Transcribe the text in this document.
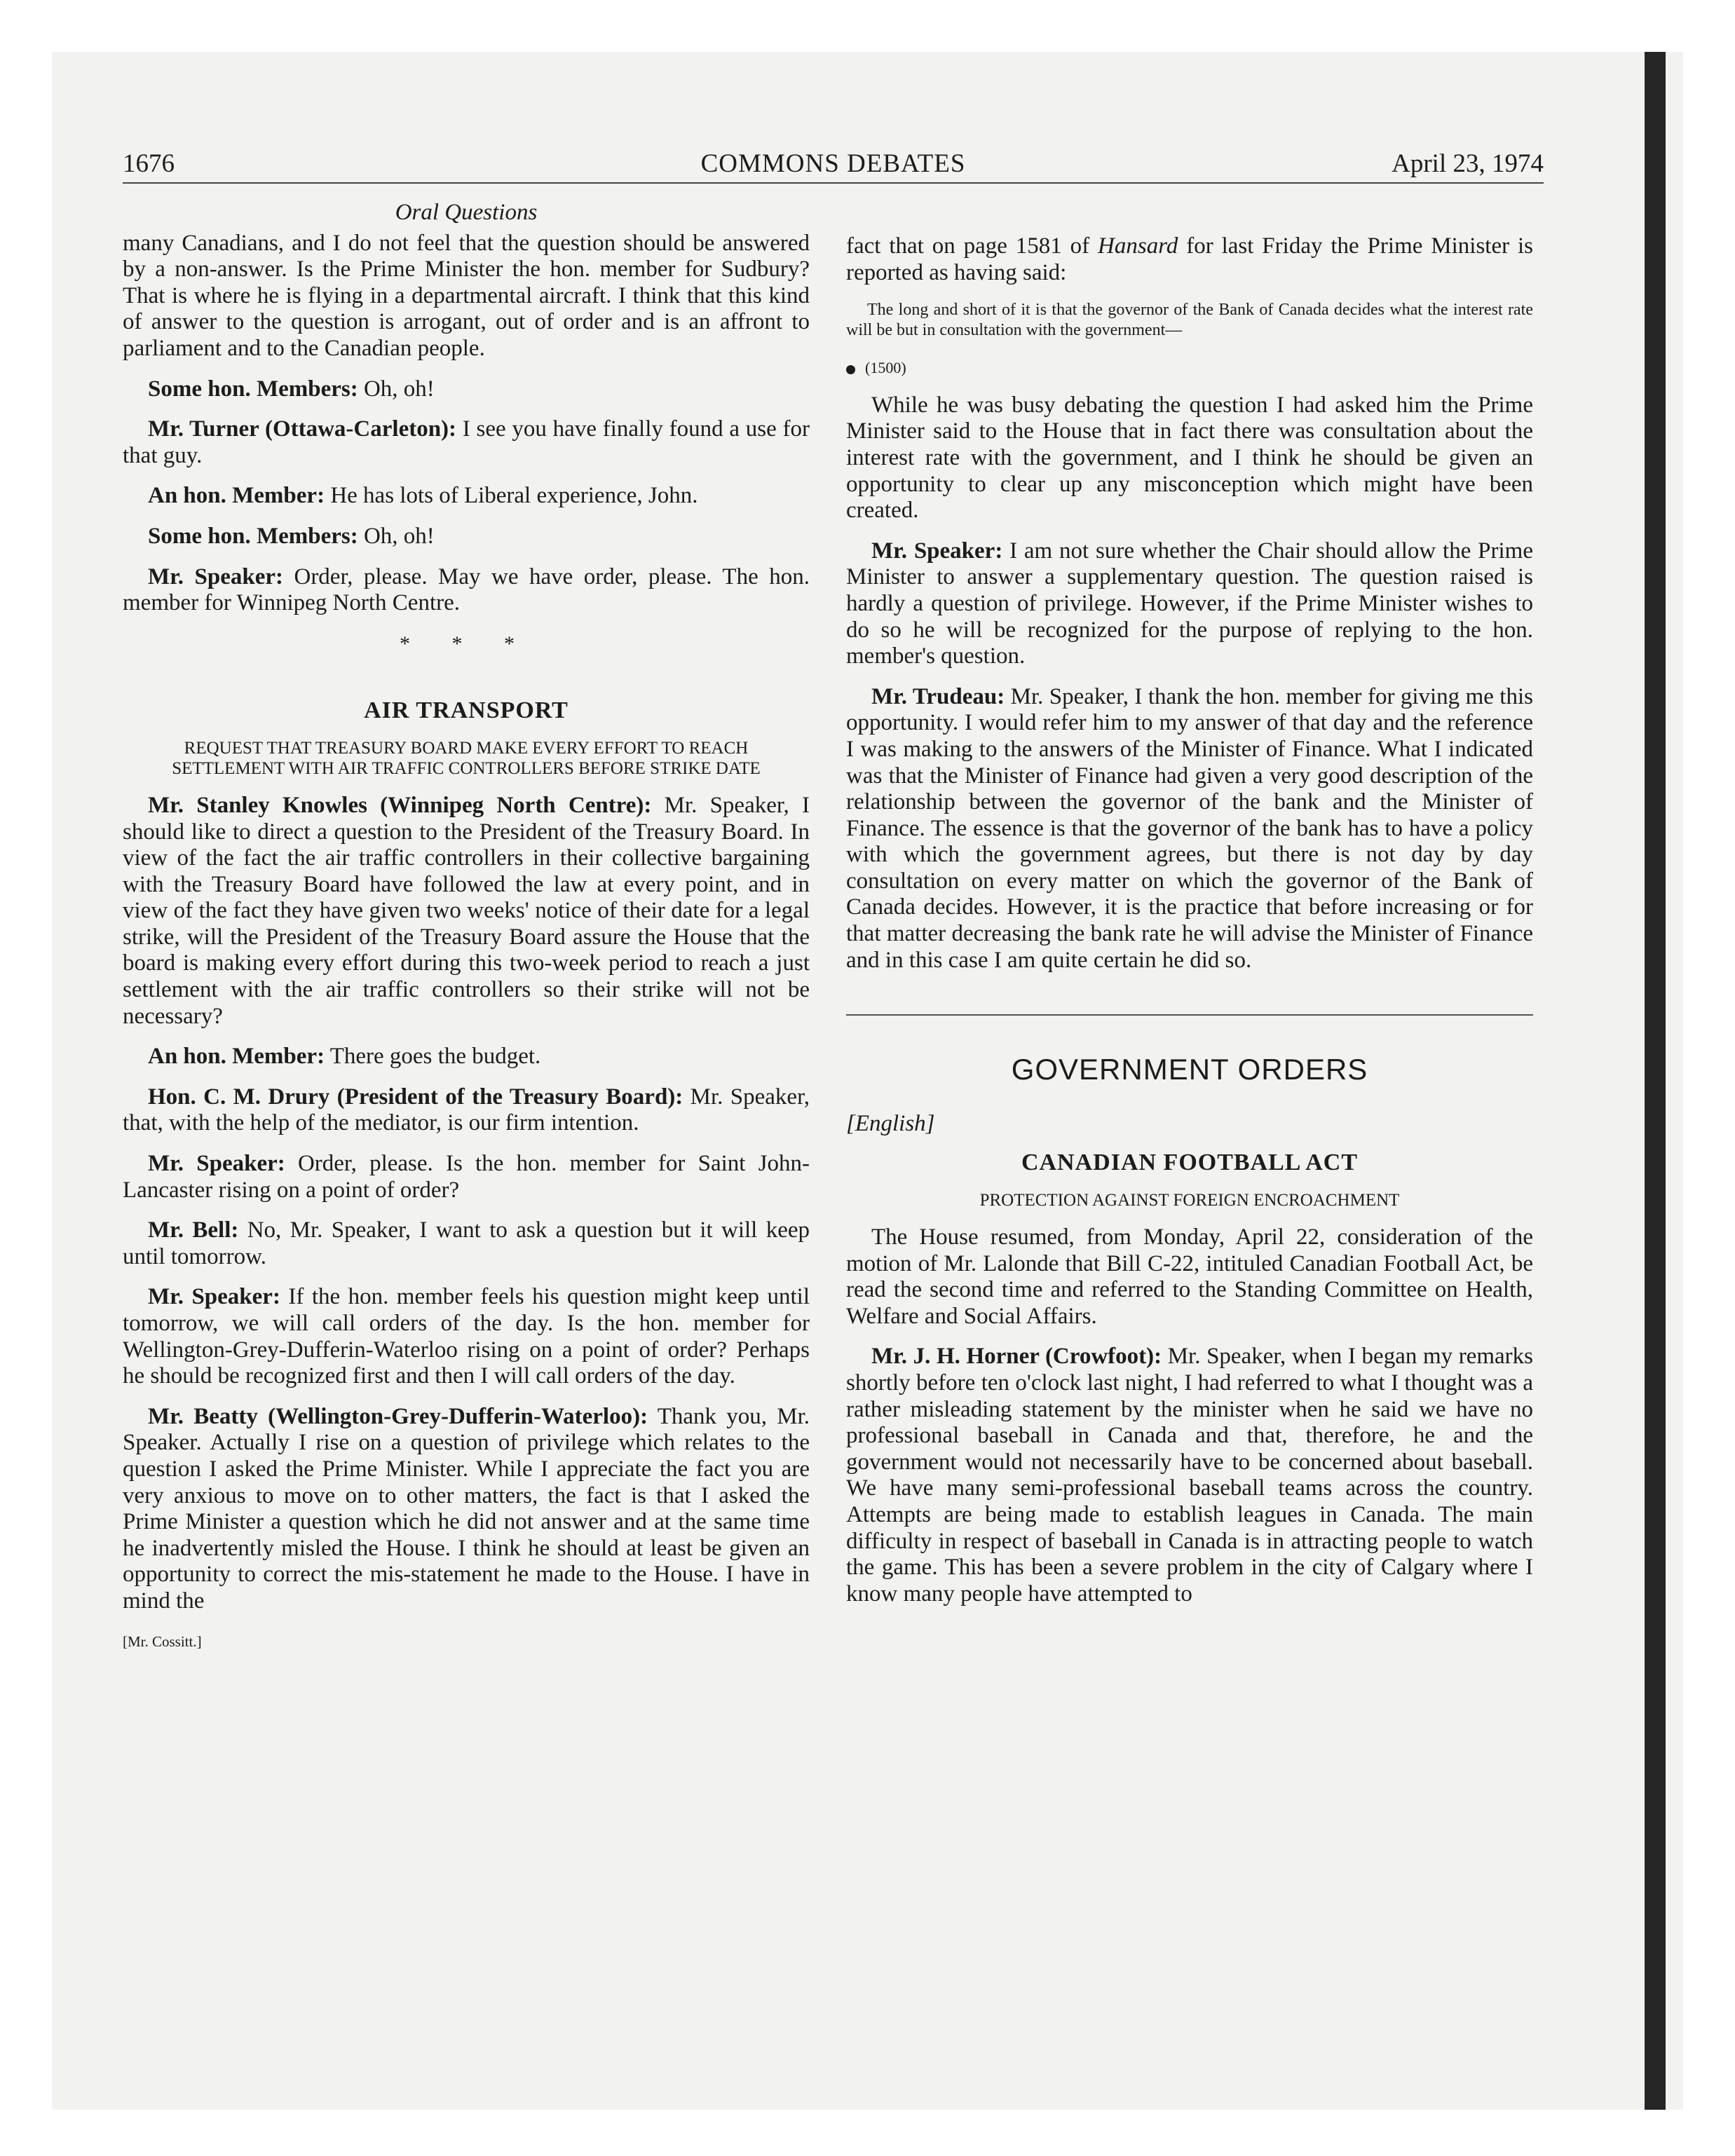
1676	COMMONS DEBATES	April 23, 1974
Oral Questions

many Canadians, and I do not feel that the question should be answered by a non-answer. Is the Prime Minister the hon. member for Sudbury? That is where he is flying in a departmental aircraft. I think that this kind of answer to the question is arrogant, out of order and is an affront to parliament and to the Canadian people.

Some hon. Members: Oh, oh!

Mr. Turner (Ottawa-Carleton): I see you have finally found a use for that guy.

An hon. Member: He has lots of Liberal experience, John.

Some hon. Members: Oh, oh!

Mr. Speaker: Order, please. May we have order, please. The hon. member for Winnipeg North Centre.

* * *
AIR TRANSPORT
REQUEST THAT TREASURY BOARD MAKE EVERY EFFORT TO REACH SETTLEMENT WITH AIR TRAFFIC CONTROLLERS BEFORE STRIKE DATE

Mr. Stanley Knowles (Winnipeg North Centre): Mr. Speaker, I should like to direct a question to the President of the Treasury Board. In view of the fact the air traffic controllers in their collective bargaining with the Treasury Board have followed the law at every point, and in view of the fact they have given two weeks' notice of their date for a legal strike, will the President of the Treasury Board assure the House that the board is making every effort during this two-week period to reach a just settlement with the air traffic controllers so their strike will not be necessary?

An hon. Member: There goes the budget.

Hon. C. M. Drury (President of the Treasury Board): Mr. Speaker, that, with the help of the mediator, is our firm intention.

Mr. Speaker: Order, please. Is the hon. member for Saint John-Lancaster rising on a point of order?

Mr. Bell: No, Mr. Speaker, I want to ask a question but it will keep until tomorrow.

Mr. Speaker: If the hon. member feels his question might keep until tomorrow, we will call orders of the day. Is the hon. member for Wellington-Grey-Dufferin-Waterloo rising on a point of order? Perhaps he should be recognized first and then I will call orders of the day.

Mr. Beatty (Wellington-Grey-Dufferin-Waterloo): Thank you, Mr. Speaker. Actually I rise on a question of privilege which relates to the question I asked the Prime Minister. While I appreciate the fact you are very anxious to move on to other matters, the fact is that I asked the Prime Minister a question which he did not answer and at the same time he inadvertently misled the House. I think he should at least be given an opportunity to correct the mis-statement he made to the House. I have in mind the

[Mr. Cossitt.]

fact that on page 1581 of Hansard for last Friday the Prime Minister is reported as having said:

The long and short of it is that the governor of the Bank of Canada decides what the interest rate will be but in consultation with the government—
(1500)

While he was busy debating the question I had asked him the Prime Minister said to the House that in fact there was consultation about the interest rate with the government, and I think he should be given an opportunity to clear up any misconception which might have been created.

Mr. Speaker: I am not sure whether the Chair should allow the Prime Minister to answer a supplementary question. The question raised is hardly a question of privilege. However, if the Prime Minister wishes to do so he will be recognized for the purpose of replying to the hon. member's question.

Mr. Trudeau: Mr. Speaker, I thank the hon. member for giving me this opportunity. I would refer him to my answer of that day and the reference I was making to the answers of the Minister of Finance. What I indicated was that the Minister of Finance had given a very good description of the relationship between the governor of the bank and the Minister of Finance. The essence is that the governor of the bank has to have a policy with which the government agrees, but there is not day by day consultation on every matter on which the governor of the Bank of Canada decides. However, it is the practice that before increasing or for that matter decreasing the bank rate he will advise the Minister of Finance and in this case I am quite certain he did so.

GOVERNMENT ORDERS
[English]
CANADIAN FOOTBALL ACT
PROTECTION AGAINST FOREIGN ENCROACHMENT

The House resumed, from Monday, April 22, consideration of the motion of Mr. Lalonde that Bill C-22, intituled Canadian Football Act, be read the second time and referred to the Standing Committee on Health, Welfare and Social Affairs.

Mr. J. H. Horner (Crowfoot): Mr. Speaker, when I began my remarks shortly before ten o'clock last night, I had referred to what I thought was a rather misleading statement by the minister when he said we have no professional baseball in Canada and that, therefore, he and the government would not necessarily have to be concerned about baseball. We have many semi-professional baseball teams across the country. Attempts are being made to establish leagues in Canada. The main difficulty in respect of baseball in Canada is in attracting people to watch the game. This has been a severe problem in the city of Calgary where I know many people have attempted to
